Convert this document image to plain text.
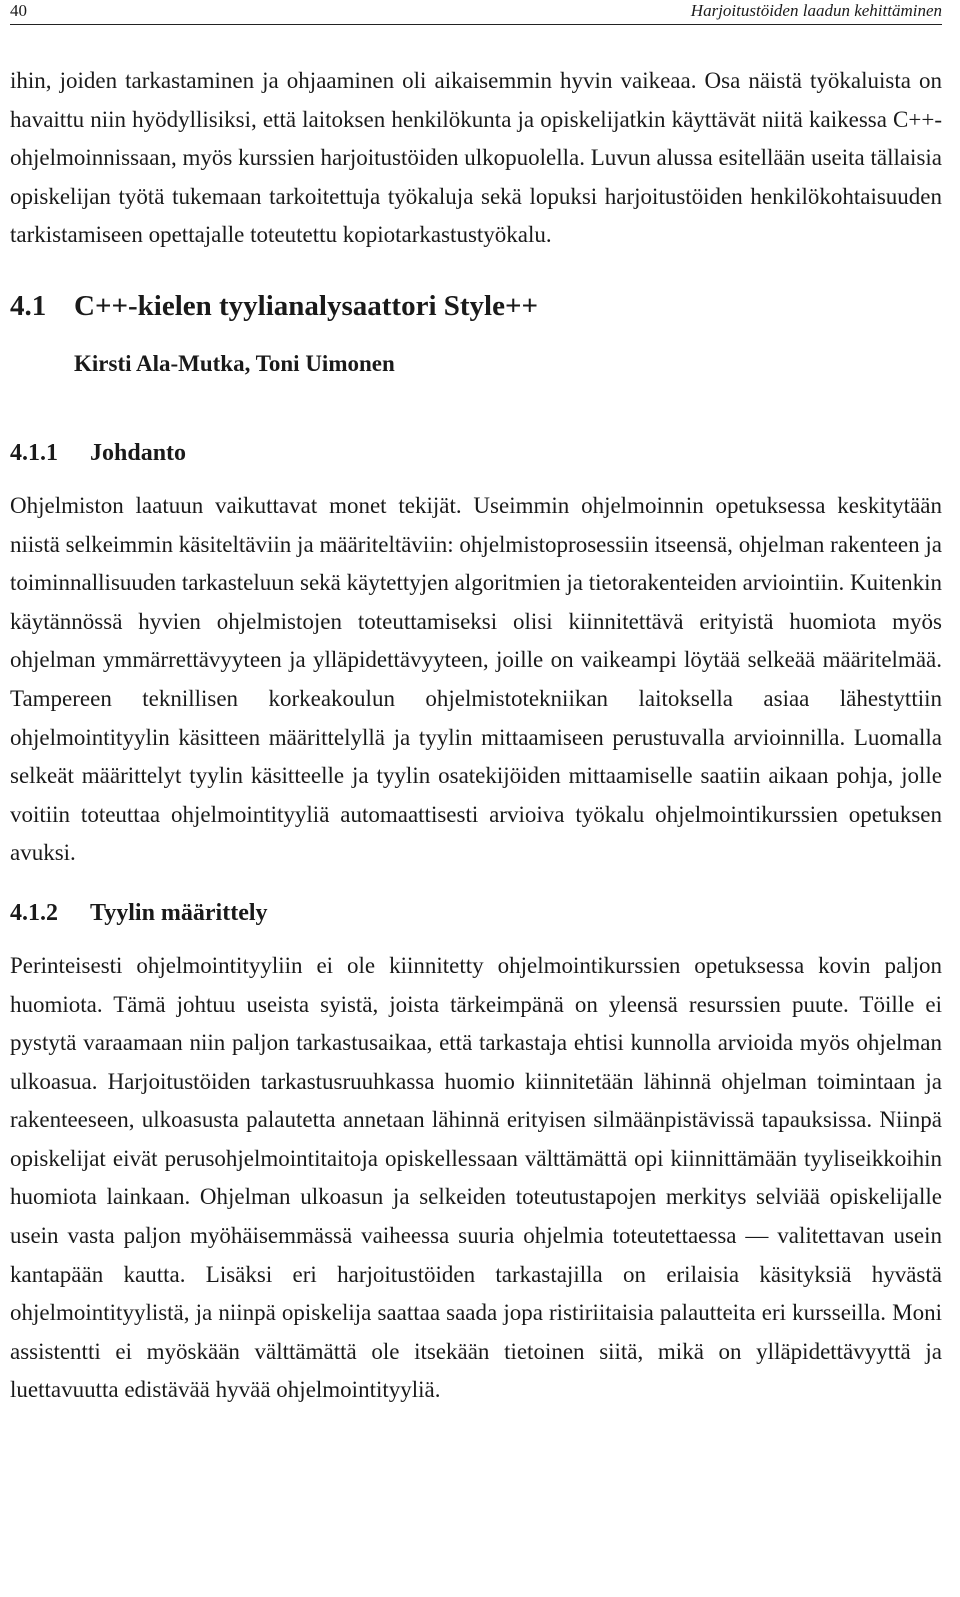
40	Harjoitustöiden laadun kehittäminen

ihin, joiden tarkastaminen ja ohjaaminen oli aikaisemmin hyvin vaikeaa. Osa näistä työkaluista on havaittu niin hyödyllisiksi, että laitoksen henkilökunta ja opiskelijatkin käyttävät niitä kaikessa C++-ohjelmoinnissaan, myös kurssien harjoitustöiden ulkopuolella. Luvun alussa esitellään useita tällaisia opiskelijan työtä tukemaan tarkoitettuja työkaluja sekä lopuksi harjoitustöiden henkilökohtaisuuden tarkistamiseen opettajalle toteutettu kopiotarkastustyökalu.

4.1 C++-kielen tyylianalysaattori Style++
Kirsti Ala-Mutka, Toni Uimonen
4.1.1 Johdanto

Ohjelmiston laatuun vaikuttavat monet tekijät. Useimmin ohjelmoinnin opetuksessa keskitytään niistä selkeimmin käsiteltäviin ja määriteltäviin: ohjelmistoprosessiin itseensä, ohjelman rakenteen ja toiminnallisuuden tarkasteluun sekä käytettyjen algoritmien ja tietorakenteiden arviointiin. Kuitenkin käytännössä hyvien ohjelmistojen toteuttamiseksi olisi kiinnitettävä erityistä huomiota myös ohjelman ymmärrettävyyteen ja ylläpidettävyyteen, joille on vaikeampi löytää selkeää määritelmää. Tampereen teknillisen korkeakoulun ohjelmistotekniikan laitoksella asiaa lähestyttiin ohjelmointityylin käsitteen määrittelyllä ja tyylin mittaamiseen perustuvalla arvioinnilla. Luomalla selkeät määrittelyt tyylin käsitteelle ja tyylin osatekijöiden mittaamiselle saatiin aikaan pohja, jolle voitiin toteuttaa ohjelmointityyliä automaattisesti arvioiva työkalu ohjelmointikurssien opetuksen avuksi.

4.1.2 Tyylin määrittely

Perinteisesti ohjelmointityyliin ei ole kiinnitetty ohjelmointikurssien opetuksessa kovin paljon huomiota. Tämä johtuu useista syistä, joista tärkeimpänä on yleensä resurssien puute. Töille ei pystytä varaamaan niin paljon tarkastusaikaa, että tarkastaja ehtisi kunnolla arvioida myös ohjelman ulkoasua. Harjoitustöiden tarkastusruuhkassa huomio kiinnitetään lähinnä ohjelman toimintaan ja rakenteeseen, ulkoasusta palautetta annetaan lähinnä erityisen silmäänpistävissä tapauksissa. Niinpä opiskelijat eivät perusohjelmointitaitoja opiskellessaan välttämättä opi kiinnittämään tyyliseikkoihin huomiota lainkaan. Ohjelman ulkoasun ja selkeiden toteutustapojen merkitys selviää opiskelijalle usein vasta paljon myöhäisemmässä vaiheessa suuria ohjelmia toteutettaessa — valitettavan usein kantapään kautta. Lisäksi eri harjoitustöiden tarkastajilla on erilaisia käsityksiä hyvästä ohjelmointityylistä, ja niinpä opiskelija saattaa saada jopa ristiriitaisia palautteita eri kursseilla. Moni assistentti ei myöskään välttämättä ole itsekään tietoinen siitä, mikä on ylläpidettävyyttä ja luettavuutta edistävää hyvää ohjelmointityyliä.
